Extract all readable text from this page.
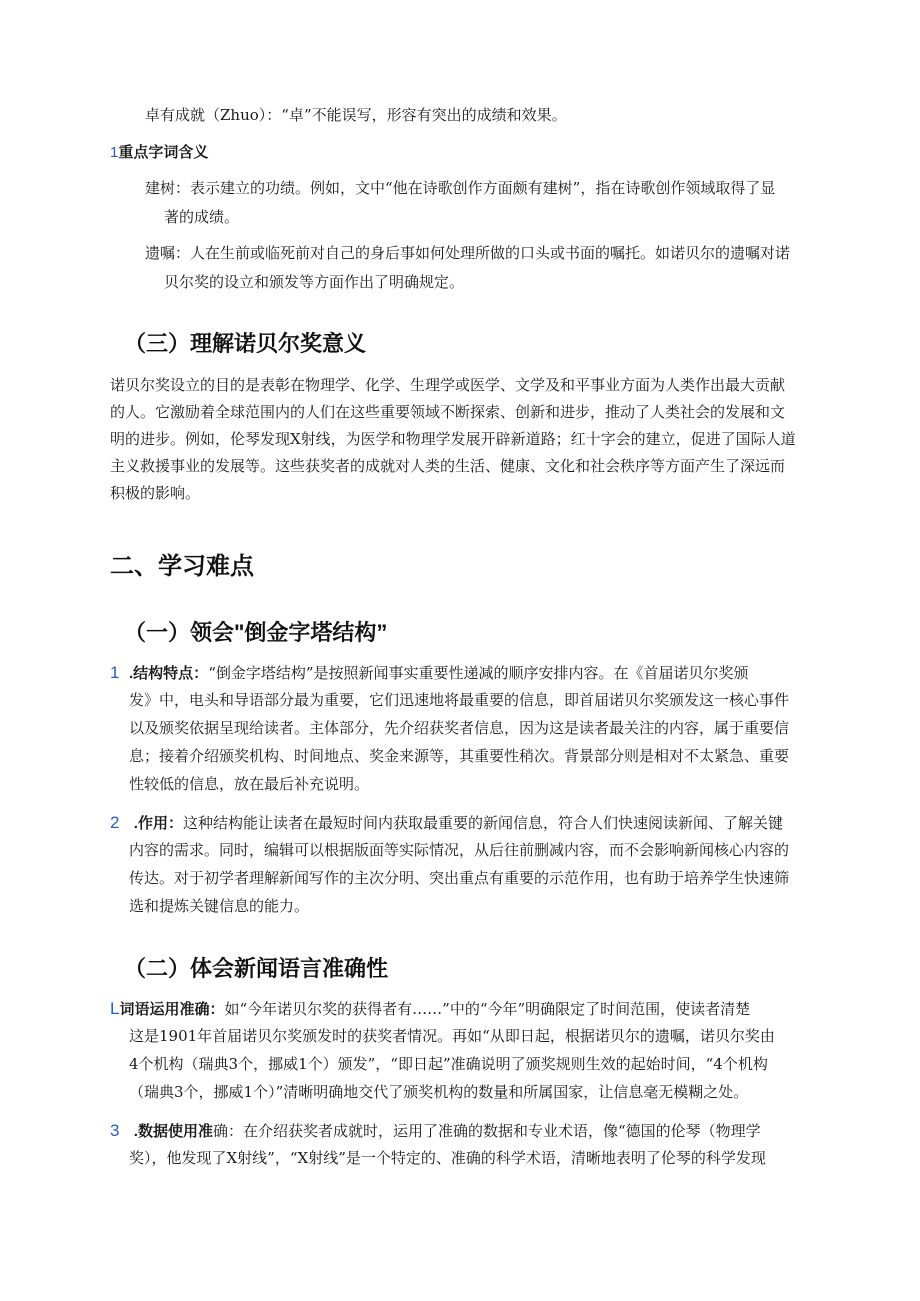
卓有成就（Zhuo）：“卓”不能误写，形容有突出的成绩和效果。

1重点字词含义

建树：表示建立的功绩。例如，文中“他在诗歌创作方面颇有建树”，指在诗歌创作领域取得了显

著的成绩。

遗嘱：人在生前或临死前对自己的身后事如何处理所做的口头或书面的嘱托。如诺贝尔的遗嘱对诺

贝尔奖的设立和颁发等方面作出了明确规定。

（三）理解诺贝尔奖意义

诺贝尔奖设立的目的是表彰在物理学、化学、生理学或医学、文学及和平事业方面为人类作出最大贡献

的人。它激励着全球范围内的人们在这些重要领域不断探索、创新和进步，推动了人类社会的发展和文

明的进步。例如，伦琴发现X射线，为医学和物理学发展开辟新道路；红十字会的建立，促进了国际人道

主义救援事业的发展等。这些获奖者的成就对人类的生活、健康、文化和社会秩序等方面产生了深远而

积极的影响。

二、学习难点
（一）领会"倒金字塔结构”

1 .结构特点：“倒金字塔结构”是按照新闻事实重要性递减的顺序安排内容。在《首届诺贝尔奖颁

发》中，电头和导语部分最为重要，它们迅速地将最重要的信息，即首届诺贝尔奖颁发这一核心事件

以及颁奖依据呈现给读者。主体部分，先介绍获奖者信息，因为这是读者最关注的内容，属于重要信

息；接着介绍颁奖机构、时间地点、奖金来源等，其重要性稍次。背景部分则是相对不太紧急、重要

性较低的信息，放在最后补充说明。

2 .作用：这种结构能让读者在最短时间内获取最重要的新闻信息，符合人们快速阅读新闻、了解关键

内容的需求。同时，编辑可以根据版面等实际情况，从后往前删减内容，而不会影响新闻核心内容的

传达。对于初学者理解新闻写作的主次分明、突出重点有重要的示范作用，也有助于培养学生快速筛

选和提炼关键信息的能力。

（二）体会新闻语言准确性

L词语运用准确：如“今年诺贝尔奖的获得者有……”中的“今年”明确限定了时间范围，使读者清楚

这是1901年首届诺贝尔奖颁发时的获奖者情况。再如“从即日起，根据诺贝尔的遗嘱，诺贝尔奖由

4个机构（瑞典3个，挪威1个）颁发”，“即日起”准确说明了颁奖规则生效的起始时间，“4个机构

（瑞典3个，挪威1个）”清晰明确地交代了颁奖机构的数量和所属国家，让信息毫无模糊之处。

3 .数据使用准确：在介绍获奖者成就时，运用了准确的数据和专业术语，像“德国的伦琴（物理学

奖），他发现了X射线”，“X射线”是一个特定的、准确的科学术语，清晰地表明了伦琴的科学发现
